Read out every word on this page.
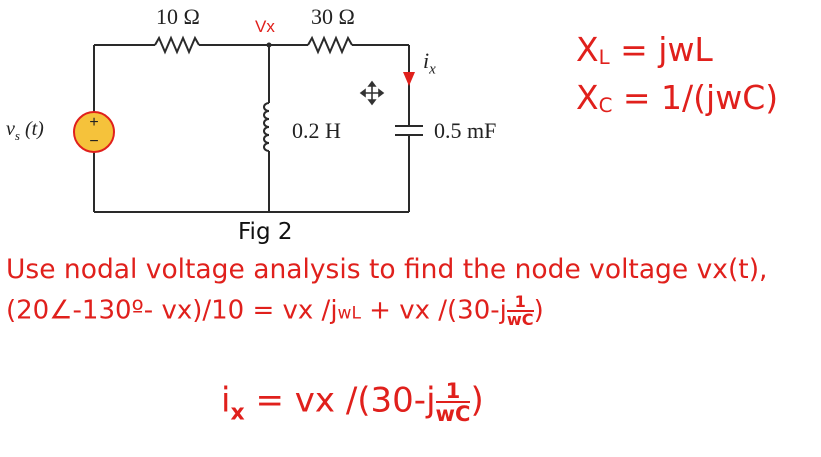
+
−
10 Ω	30 Ω
Vx
$i_x$
$v_s$ (t)	0.2 H	0.5 mF
Fig 2
$X_L$ = jwL
$X_C = 1/(jwC)$
Use nodal voltage analysis to find the node voltage vx(t),
(20∠-130º- vx)/10 = vx /jwL + vx $/(30-j \frac{1}{wC}$ )
$i_x$ = vx $/(30-j \frac{1}{wC}$ )
